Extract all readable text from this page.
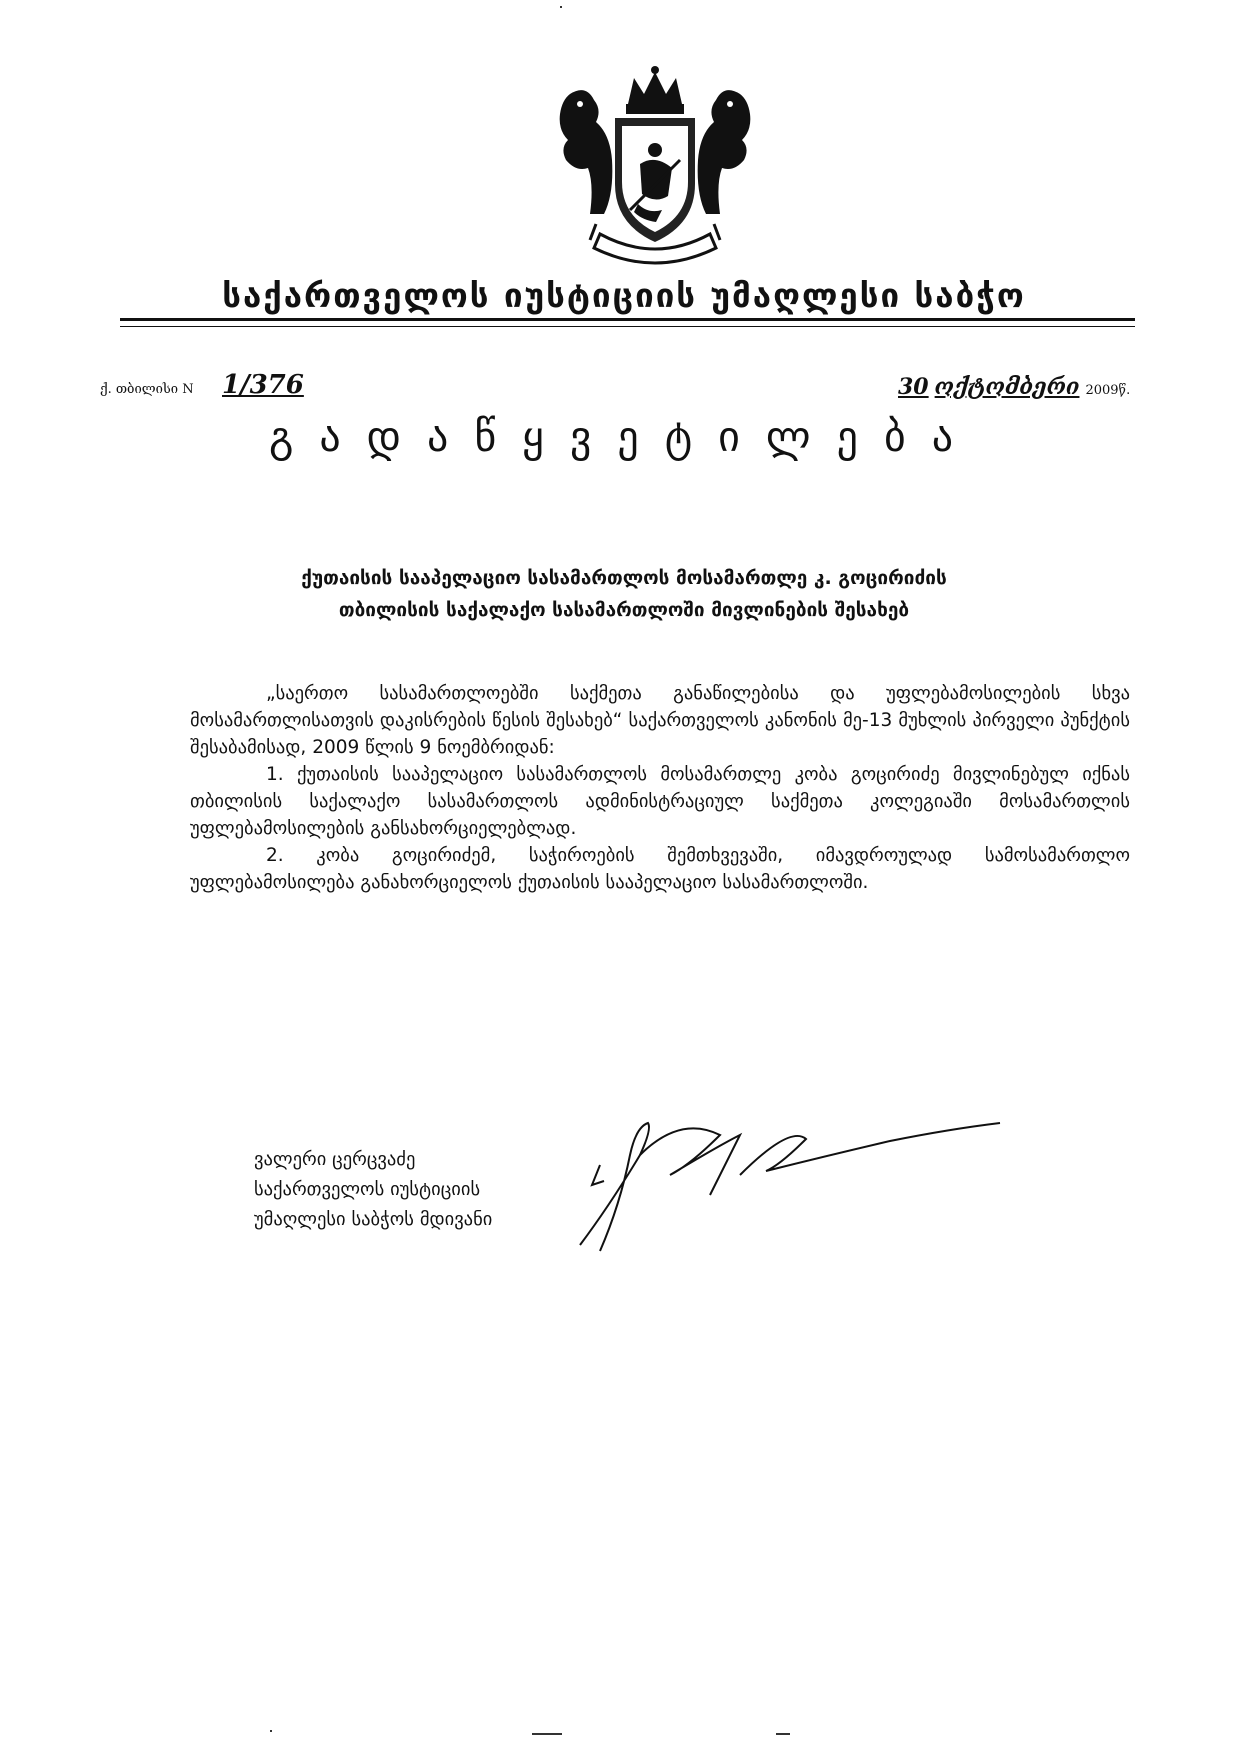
საქართველოს იუსტიციის უმაღლესი საბჭო
ქ. თბილისი N 1/376	30 ოქტომბერი 2009წ.
გადაწყვეტილება
ქუთაისის სააპელაციო სასამართლოს მოსამართლე კ. გოცირიძის
თბილისის საქალაქო სასამართლოში მივლინების შესახებ

„საერთო სასამართლოებში საქმეთა განაწილებისა და უფლებამოსილების სხვა მოსამართლისათვის დაკისრების წესის შესახებ“ საქართველოს კანონის მე-13 მუხლის პირველი პუნქტის შესაბამისად, 2009 წლის 9 ნოემბრიდან:

1. ქუთაისის სააპელაციო სასამართლოს მოსამართლე კობა გოცირიძე მივლინებულ იქნას თბილისის საქალაქო სასამართლოს ადმინისტრაციულ საქმეთა კოლეგიაში მოსამართლის უფლებამოსილების განსახორციელებლად.

2. კობა გოცირიძემ, საჭიროების შემთხვევაში, იმავდროულად სამოსამართლო უფლებამოსილება განახორციელოს ქუთაისის სააპელაციო სასამართლოში.

ვალერი ცერცვაძე
საქართველოს იუსტიციის
უმაღლესი საბჭოს მდივანი
